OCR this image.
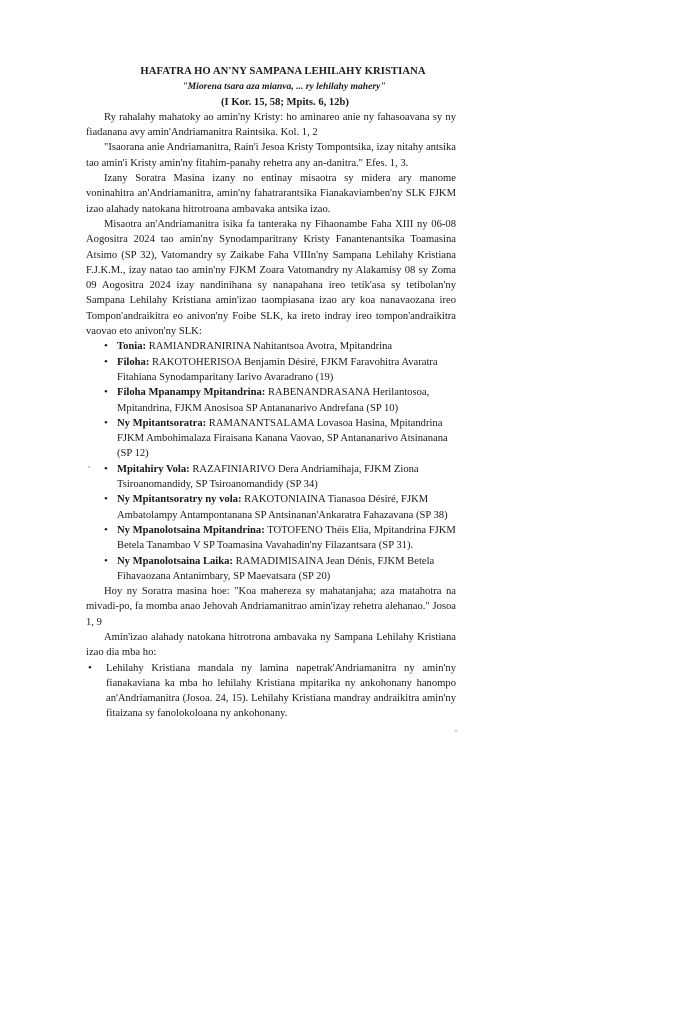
HAFATRA HO AN'NY SAMPANA LEHILAHY KRISTIANA
"Miorena tsara aza mianva, ... ry lehilahy mahery"
(I Kor. 15, 58; Mpits. 6, 12b)

Ry rahalahy mahatoky ao amin'ny Kristy: ho aminareo anie ny fahasoavana sy ny fiadanana avy amin'Andriamanitra Raintsika. Kol. 1, 2

"Isaorana anie Andriamanitra, Rain'i Jesoa Kristy Tompontsika, izay nitahy antsika tao amin'i Kristy amin'ny fitahim-panahy rehetra any an-danitra." Efes. 1, 3.

Izany Soratra Masina izany no entinay misaotra sy midera ary manome voninahitra an'Andriamanitra, amin'ny fahatrarantsika Fianakaviamben'ny SLK FJKM izao alahady natokana hitrotroana ambavaka antsika izao.

Misaotra an'Andriamanitra isika fa tanteraka ny Fihaonambe Faha XIII ny 06-08 Aogositra 2024 tao amin'ny Synodamparitrany Kristy Fanantenantsika Toamasina Atsimo (SP 32), Vatomandry sy Zaikabe Faha VIIIn'ny Sampana Lehilahy Kristiana F.J.K.M., izay natao tao amin'ny FJKM Zoara Vatomandry ny Alakamisy 08 sy Zoma 09 Aogositra 2024 izay nandinihana sy nanapahana ireo tetik'asa sy tetibolan'ny Sampana Lehilahy Kristiana amin'izao taompiasana izao ary koa nanavaozana ireo Tompon'andraikitra eo anivon'ny Foibe SLK, ka ireto indray ireo tompon'andraikitra vaovao eto anivon'ny SLK:

• Tonia: RAMIANDRANIRINA Nahitantsoa Avotra, Mpitandrina
• Filoha: RAKOTOHERISOA Benjamin Désiré, FJKM Faravohitra Avaratra Fitahiana Synodamparitany Iarivo Avaradrano (19)
• Filoha Mpanampy Mpitandrina: RABENANDRASANA Herilantosoa, Mpitandrina, FJKM Anosisoa SP Antananarivo Andrefana (SP 10)
• Ny Mpitantsoratra: RAMANANTSALAMA Lovasoa Hasina, Mpitandrina FJKM Ambohimalaza Firaisana Kanana Vaovao, SP Antananarivo Atsinanana (SP 12)
• Mpitahiry Vola: RAZAFINIARIVO Dera Andriamihaja, FJKM Ziona Tsiroanomandidy, SP Tsiroanomandidy (SP 34)
• Ny Mpitantsoratry ny vola: RAKOTONIAINA Tianasoa Désiré, FJKM Ambatolampy Antampontanana SP Antsinanan'Ankaratra Fahazavana (SP 38)
• Ny Mpanolotsaina Mpitandrina: TOTOFENO Théis Elia, Mpitandrina FJKM Betela Tanambao V SP Toamasina Vavahadin'ny Filazantsara (SP 31).
• Ny Mpanolotsaina Laika: RAMADIMISAINA Jean Dénis, FJKM Betela Fihavaozana Antanimbary, SP Maevatsara (SP 20)

Hoy ny Soratra masina hoe: "Koa mahereza sy mahatanjaha; aza matahotra na mivadi-po, fa momba anao Jehovah Andriamanitrao amin'izay rehetra alehanao." Josoa 1, 9

Amin'izao alahady natokana hitrotrona ambavaka ny Sampana Lehilahy Kristiana izao dia mba ho:

• Lehilahy Kristiana mandala ny lamina napetrak'Andriamanitra ny amin'ny fianakaviana ka mba ho lehilahy Kristiana mpitarika ny ankohonany hanompo an'Andriamanitra (Josoa. 24, 15). Lehilahy Kristiana mandray andraikitra amin'ny fitaizana sy fanolokoloana ny ankohonany.
